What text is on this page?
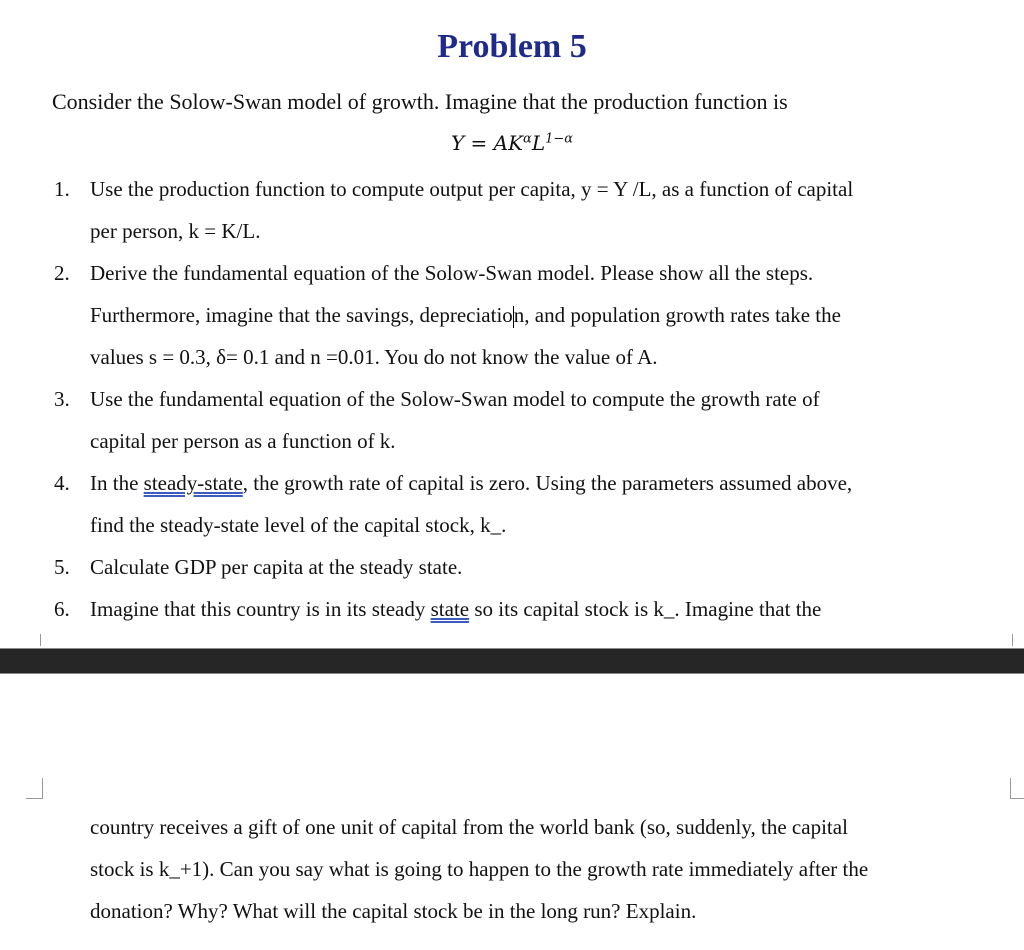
Problem 5
Consider the Solow-Swan model of growth. Imagine that the production function is
$Y = AK^\alpha L^{1-\alpha}$
1. Use the production function to compute output per capita, y = Y /L, as a function of capital
per person, k = K/L.
2. Derive the fundamental equation of the Solow-Swan model. Please show all the steps.
Furthermore, imagine that the savings, depreciation, and population growth rates take the
values s = 0.3, δ= 0.1 and n =0.01. You do not know the value of A.
3. Use the fundamental equation of the Solow-Swan model to compute the growth rate of
capital per person as a function of k.
4. In the steady-state, the growth rate of capital is zero. Using the parameters assumed above,
find the steady-state level of the capital stock, k_.
5. Calculate GDP per capita at the steady state.
6. Imagine that this country is in its steady state so its capital stock is k_. Imagine that the
country receives a gift of one unit of capital from the world bank (so, suddenly, the capital
stock is k_+1). Can you say what is going to happen to the growth rate immediately after the
donation? Why? What will the capital stock be in the long run? Explain.
